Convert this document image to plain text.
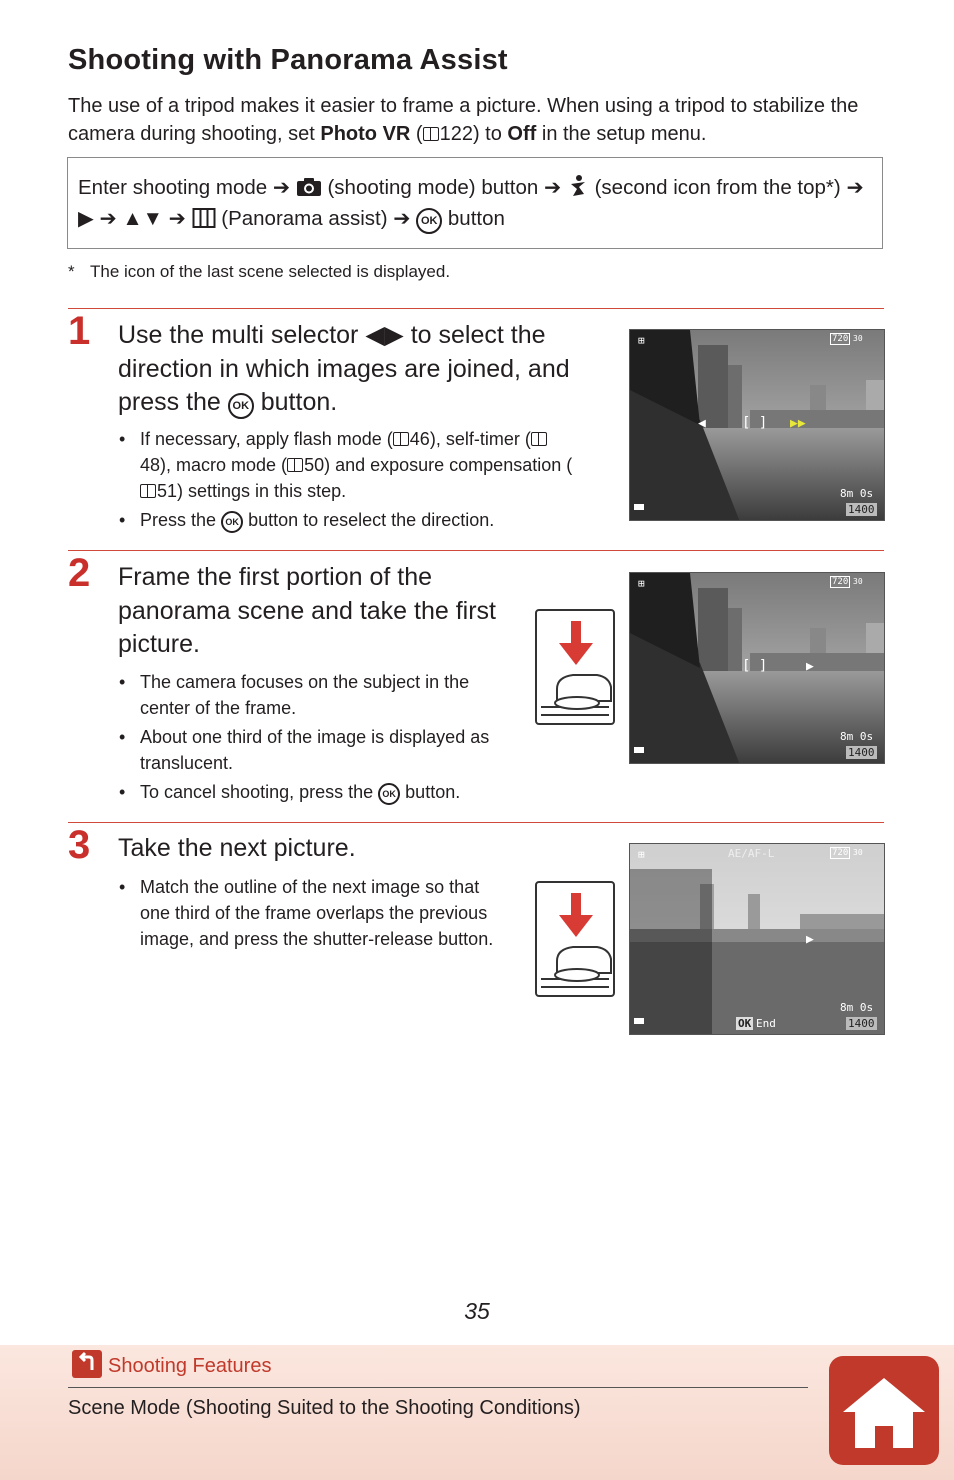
Shooting with Panorama Assist
The use of a tripod makes it easier to frame a picture. When using a tripod to stabilize the camera during shooting, set Photo VR ( 122) to Off in the setup menu.
Enter shooting mode ➔ (shooting mode) button ➔ (second icon from the top*) ➔ ▶ ➔ ▲▼ ➔ (Panorama assist) ➔ OK button
* The icon of the last scene selected is displayed.
1 Use the multi selector ◀▶ to select the direction in which images are joined, and press the OK button.
• If necessary, apply flash mode ( 46), self-timer (48), macro mode ( 50) and exposure compensation (51) settings in this step.
• Press the OK button to reselect the direction.
⊞	720 30
[ ]
◀	▶▶
8m 0s
1400
2 Frame the first portion of the panorama scene and take the first picture.
• The camera focuses on the subject in the center of the frame.
• About one third of the image is displayed as translucent.
• To cancel shooting, press the OK button.
⊞	720 30
[ ]	▶
8m 0s
1400
3 Take the next picture.
• Match the outline of the next image so that one third of the frame overlaps the previous image, and press the shutter-release button.
⊞	AE/AF-L	720 30
▶
8m 0s
OK End	1400
35
Shooting Features
Scene Mode (Shooting Suited to the Shooting Conditions)
